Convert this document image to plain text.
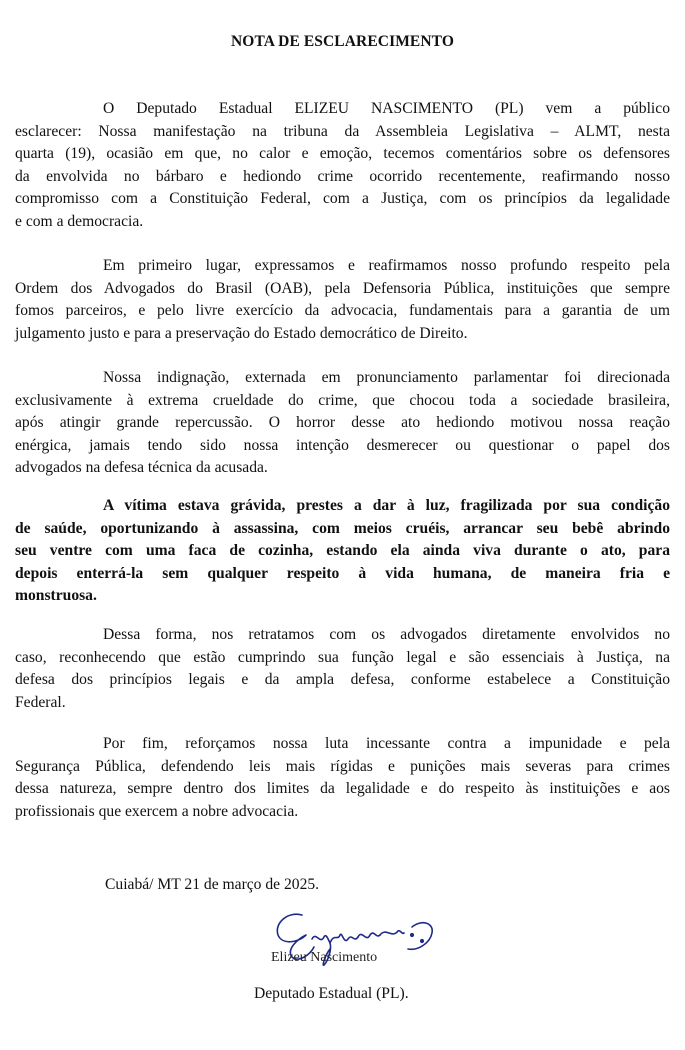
NOTA DE ESCLARECIMENTO
O Deputado Estadual ELIZEU NASCIMENTO (PL) vem a público
esclarecer: Nossa manifestação na tribuna da Assembleia Legislativa – ALMT, nesta
quarta (19), ocasião em que, no calor e emoção, tecemos comentários sobre os defensores
da envolvida no bárbaro e hediondo crime ocorrido recentemente, reafirmando nosso
compromisso com a Constituição Federal, com a Justiça, com os princípios da legalidade
e com a democracia.
Em primeiro lugar, expressamos e reafirmamos nosso profundo respeito pela
Ordem dos Advogados do Brasil (OAB), pela Defensoria Pública, instituições que sempre
fomos parceiros, e pelo livre exercício da advocacia, fundamentais para a garantia de um
julgamento justo e para a preservação do Estado democrático de Direito.
Nossa indignação, externada em pronunciamento parlamentar foi direcionada
exclusivamente à extrema crueldade do crime, que chocou toda a sociedade brasileira,
após atingir grande repercussão. O horror desse ato hediondo motivou nossa reação
enérgica, jamais tendo sido nossa intenção desmerecer ou questionar o papel dos
advogados na defesa técnica da acusada.
A vítima estava grávida, prestes a dar à luz, fragilizada por sua condição
de saúde, oportunizando à assassina, com meios cruéis, arrancar seu bebê abrindo
seu ventre com uma faca de cozinha, estando ela ainda viva durante o ato, para
depois enterrá-la sem qualquer respeito à vida humana, de maneira fria e
monstruosa.
Dessa forma, nos retratamos com os advogados diretamente envolvidos no
caso, reconhecendo que estão cumprindo sua função legal e são essenciais à Justiça, na
defesa dos princípios legais e da ampla defesa, conforme estabelece a Constituição
Federal.
Por fim, reforçamos nossa luta incessante contra a impunidade e pela
Segurança Pública, defendendo leis mais rígidas e punições mais severas para crimes
dessa natureza, sempre dentro dos limites da legalidade e do respeito às instituições e aos
profissionais que exercem a nobre advocacia.
Cuiabá/ MT 21 de março de 2025.
Elizeu Nascimento
Deputado Estadual (PL).
